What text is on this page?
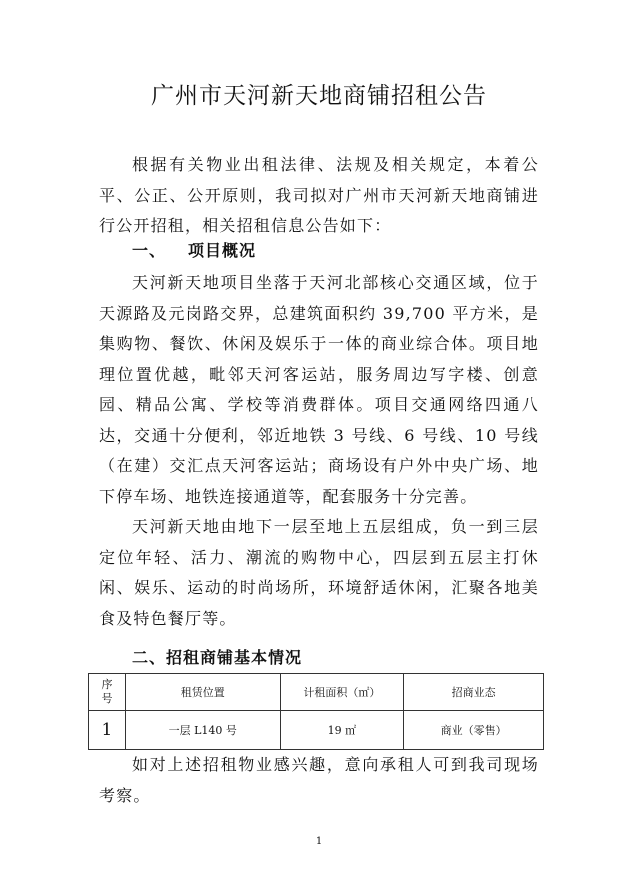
广州市天河新天地商铺招租公告

根据有关物业出租法律、法规及相关规定，本着公平、公正、公开原则，我司拟对广州市天河新天地商铺进行公开招租，相关招租信息公告如下：

一、 项目概况

天河新天地项目坐落于天河北部核心交通区域，位于天源路及元岗路交界，总建筑面积约 39,700 平方米，是集购物、餐饮、休闲及娱乐于一体的商业综合体。项目地理位置优越，毗邻天河客运站，服务周边写字楼、创意园、精品公寓、学校等消费群体。项目交通网络四通八达，交通十分便利，邻近地铁 3 号线、6 号线、10 号线（在建）交汇点天河客运站；商场设有户外中央广场、地下停车场、地铁连接通道等，配套服务十分完善。

天河新天地由地下一层至地上五层组成，负一到三层定位年轻、活力、潮流的购物中心，四层到五层主打休闲、娱乐、运动的时尚场所，环境舒适休闲，汇聚各地美食及特色餐厅等。

二、招租商铺基本情况
序
号	租赁位置	计租面积（㎡）	招商业态
1	一层 L140 号	19 ㎡	商业（零售）

如对上述招租物业感兴趣，意向承租人可到我司现场考察。

1
